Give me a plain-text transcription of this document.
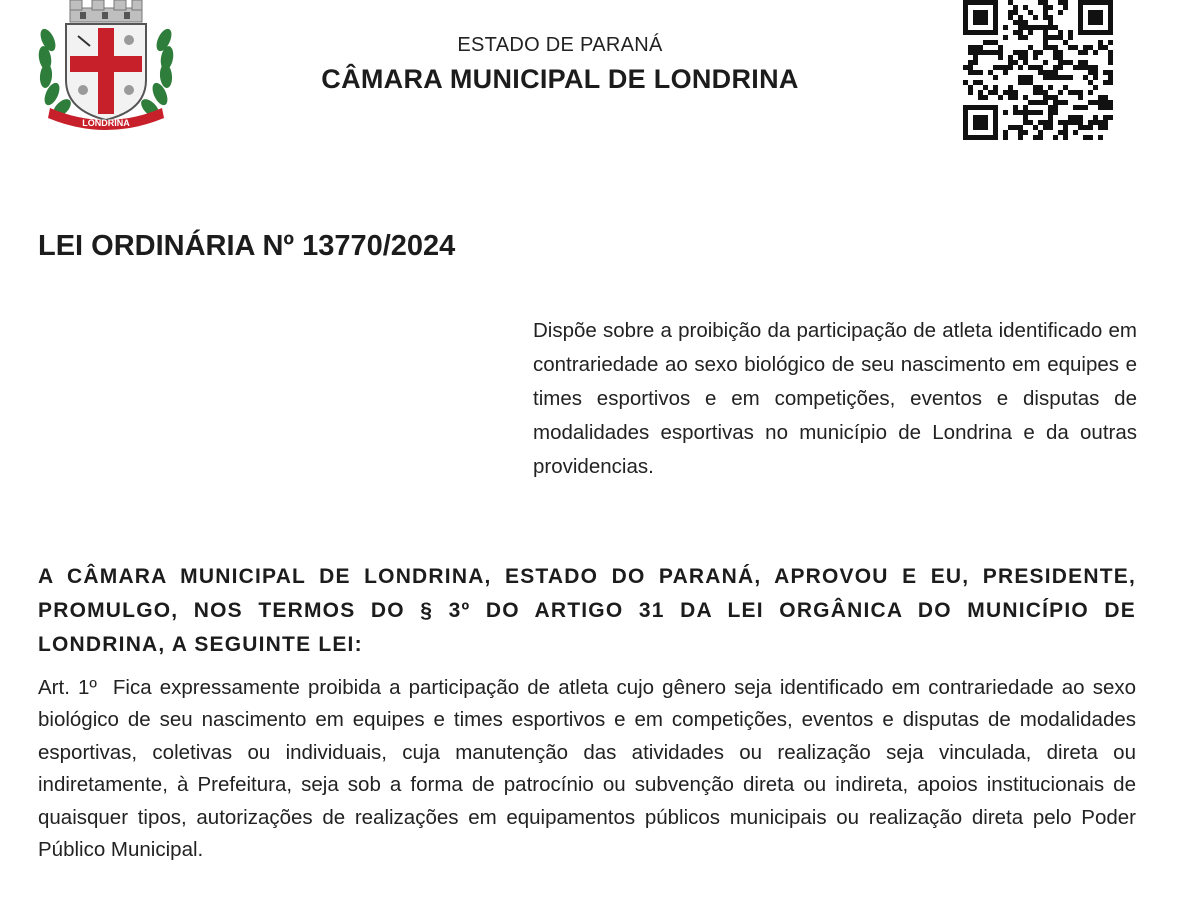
LONDRINA
ESTADO DE PARANÁ
CÂMARA MUNICIPAL DE LONDRINA
LEI ORDINÁRIA Nº 13770/2024
Dispõe sobre a proibição da participação de atleta identificado em contrariedade ao sexo biológico de seu nascimento em equipes e times esportivos e em competições, eventos e disputas de modalidades esportivas no município de Londrina e da outras providencias.
A CÂMARA MUNICIPAL DE LONDRINA, ESTADO DO PARANÁ, APROVOU E EU, PRESIDENTE, PROMULGO, NOS TERMOS DO § 3º DO ARTIGO 31 DA LEI ORGÂNICA DO MUNICÍPIO DE LONDRINA, A SEGUINTE LEI:
Art. 1º Fica expressamente proibida a participação de atleta cujo gênero seja identificado em contrariedade ao sexo biológico de seu nascimento em equipes e times esportivos e em competições, eventos e disputas de modalidades esportivas, coletivas ou individuais, cuja manutenção das atividades ou realização seja vinculada, direta ou indiretamente, à Prefeitura, seja sob a forma de patrocínio ou subvenção direta ou indireta, apoios institucionais de quaisquer tipos, autorizações de realizações em equipamentos públicos municipais ou realização direta pelo Poder Público Municipal.
